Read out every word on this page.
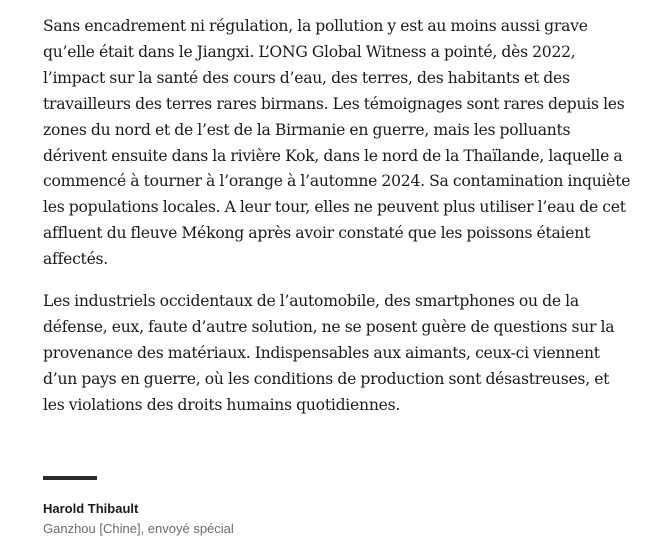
Sans encadrement ni régulation, la pollution y est au moins aussi grave qu’elle était dans le Jiangxi. L’ONG Global Witness a pointé, dès 2022, l’impact sur la santé des cours d’eau, des terres, des habitants et des travailleurs des terres rares birmans. Les témoignages sont rares depuis les zones du nord et de l’est de la Birmanie en guerre, mais les polluants dérivent ensuite dans la rivière Kok, dans le nord de la Thaïlande, laquelle a commencé à tourner à l’orange à l’automne 2024. Sa contamination inquiète les populations locales. A leur tour, elles ne peuvent plus utiliser l’eau de cet affluent du fleuve Mékong après avoir constaté que les poissons étaient affectés.

Les industriels occidentaux de l’automobile, des smartphones ou de la défense, eux, faute d’autre solution, ne se posent guère de questions sur la provenance des matériaux. Indispensables aux aimants, ceux-ci viennent d’un pays en guerre, où les conditions de production sont désastreuses, et les violations des droits humains quotidiennes.

Harold Thibault
Ganzhou [Chine], envoyé spécial
